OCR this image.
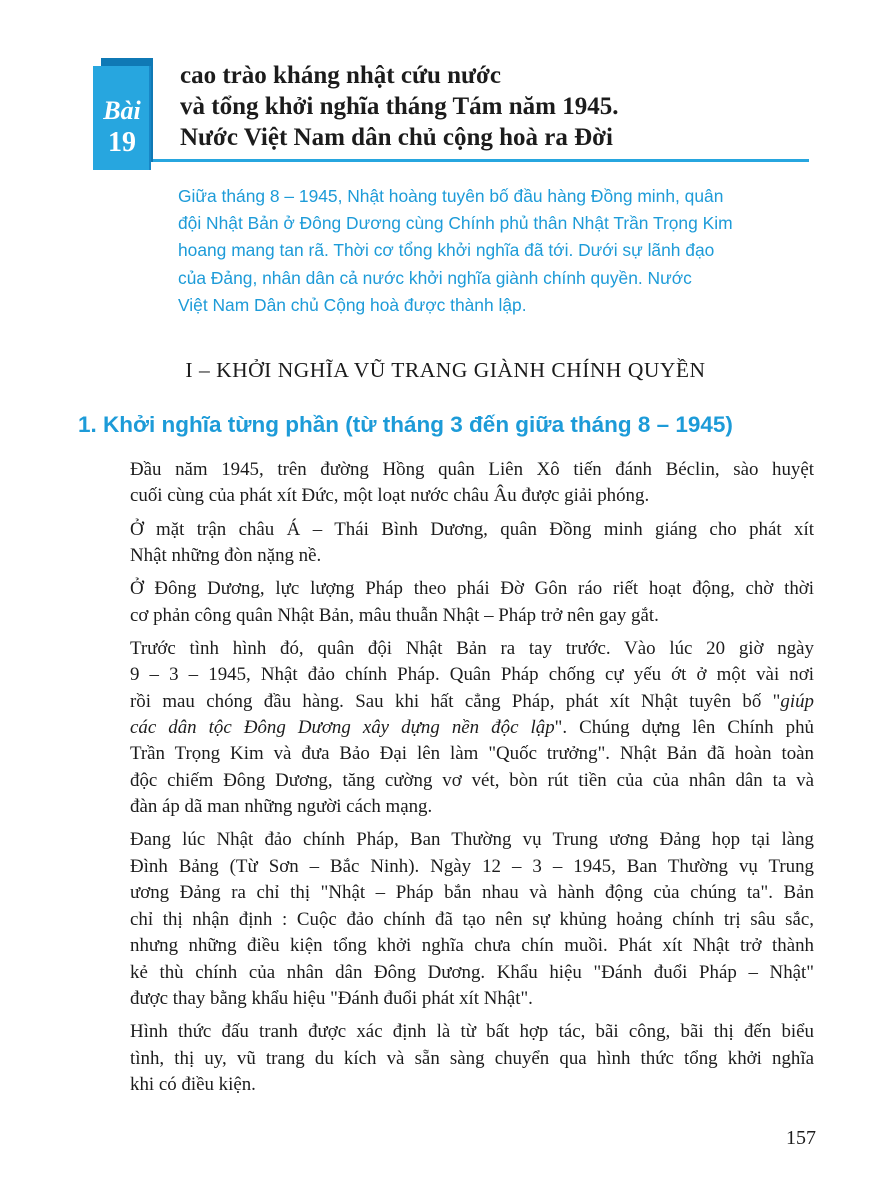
Bài
19
cao trào kháng nhật cứu nước
và tổng khởi nghĩa tháng Tám năm 1945.
Nước Việt Nam dân chủ cộng hoà ra Đời
Giữa tháng 8 – 1945, Nhật hoàng tuyên bố đầu hàng Đồng minh, quân
đội Nhật Bản ở Đông Dương cùng Chính phủ thân Nhật Trần Trọng Kim
hoang mang tan rã. Thời cơ tổng khởi nghĩa đã tới. Dưới sự lãnh đạo
của Đảng, nhân dân cả nước khởi nghĩa giành chính quyền. Nước
Việt Nam Dân chủ Cộng hoà được thành lập.
I – KHỞI NGHĨA VŨ TRANG GIÀNH CHÍNH QUYỀN
1. Khởi nghĩa từng phần (từ tháng 3 đến giữa tháng 8 – 1945)

Đầu năm 1945, trên đường Hồng quân Liên Xô tiến đánh Béclin, sào huyệt
cuối cùng của phát xít Đức, một loạt nước châu Âu được giải phóng.

Ở mặt trận châu Á – Thái Bình Dương, quân Đồng minh giáng cho phát xít
Nhật những đòn nặng nề.

Ở Đông Dương, lực lượng Pháp theo phái Đờ Gôn ráo riết hoạt động, chờ thời
cơ phản công quân Nhật Bản, mâu thuẫn Nhật – Pháp trở nên gay gắt.

Trước tình hình đó, quân đội Nhật Bản ra tay trước. Vào lúc 20 giờ ngày
9 – 3 – 1945, Nhật đảo chính Pháp. Quân Pháp chống cự yếu ớt ở một vài nơi
rồi mau chóng đầu hàng. Sau khi hất cẳng Pháp, phát xít Nhật tuyên bố "giúp
các dân tộc Đông Dương xây dựng nền độc lập". Chúng dựng lên Chính phủ
Trần Trọng Kim và đưa Bảo Đại lên làm "Quốc trưởng". Nhật Bản đã hoàn toàn
độc chiếm Đông Dương, tăng cường vơ vét, bòn rút tiền của của nhân dân ta và
đàn áp dã man những người cách mạng.

Đang lúc Nhật đảo chính Pháp, Ban Thường vụ Trung ương Đảng họp tại làng
Đình Bảng (Từ Sơn – Bắc Ninh). Ngày 12 – 3 – 1945, Ban Thường vụ Trung
ương Đảng ra chỉ thị "Nhật – Pháp bắn nhau và hành động của chúng ta". Bản
chỉ thị nhận định : Cuộc đảo chính đã tạo nên sự khủng hoảng chính trị sâu sắc,
nhưng những điều kiện tổng khởi nghĩa chưa chín muồi. Phát xít Nhật trở thành
kẻ thù chính của nhân dân Đông Dương. Khẩu hiệu "Đánh đuổi Pháp – Nhật"
được thay bằng khẩu hiệu "Đánh đuổi phát xít Nhật".

Hình thức đấu tranh được xác định là từ bất hợp tác, bãi công, bãi thị đến biểu
tình, thị uy, vũ trang du kích và sẵn sàng chuyển qua hình thức tổng khởi nghĩa
khi có điều kiện.

157
